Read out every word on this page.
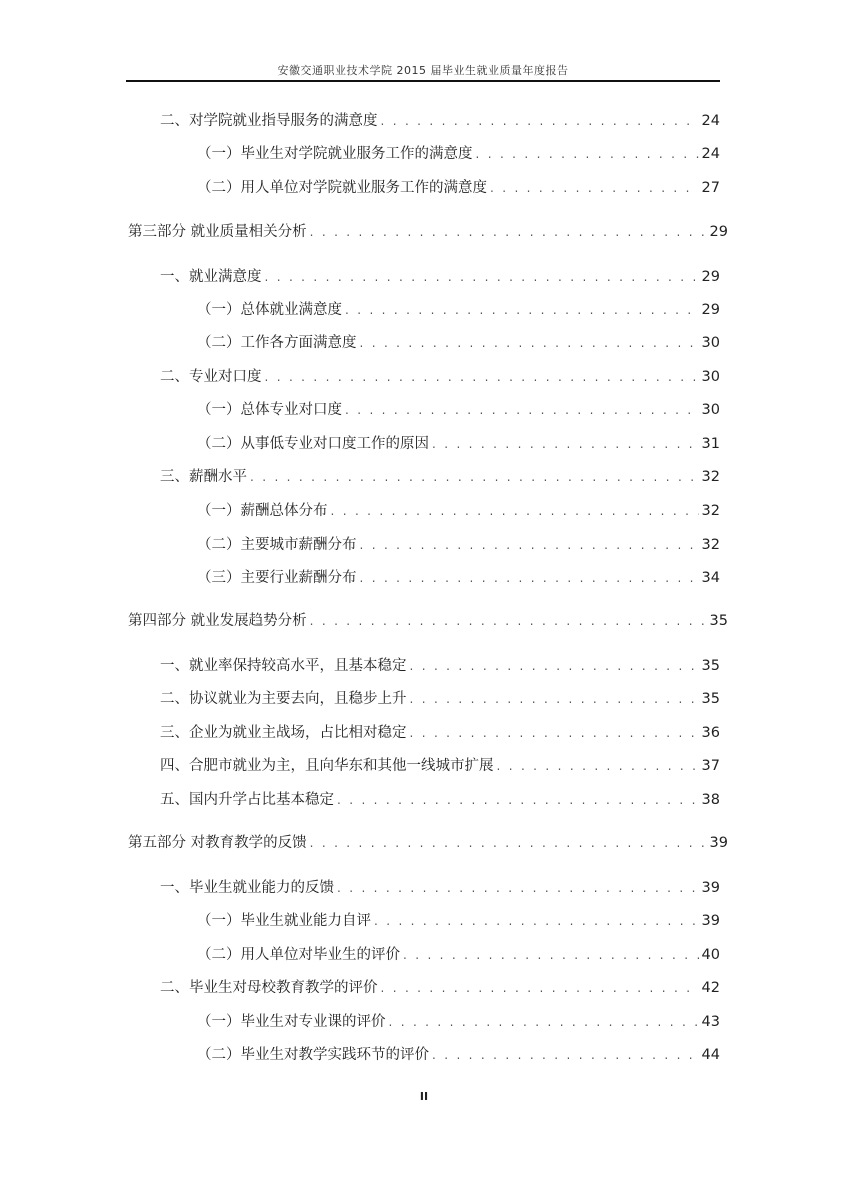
安徽交通职业技术学院 2015 届毕业生就业质量年度报告
二、对学院就业指导服务的满意度 . . .	24
（一）毕业生对学院就业服务工作的满意度 . . .	24
（二）用人单位对学院就业服务工作的满意度 . . .	27
第三部分 就业质量相关分析 . . .	29
一、就业满意度 . . .	29
（一）总体就业满意度 . . .	29
（二）工作各方面满意度 . . .	30
二、专业对口度 . . .	30
（一）总体专业对口度 . . .	30
（二）从事低专业对口度工作的原因 . . .	31
三、薪酬水平 . . .	32
（一）薪酬总体分布 . . .	32
（二）主要城市薪酬分布 . . .	32
（三）主要行业薪酬分布 . . .	34
第四部分 就业发展趋势分析 . . .	35
一、就业率保持较高水平，且基本稳定 . . .	35
二、协议就业为主要去向，且稳步上升 . . .	35
三、企业为就业主战场，占比相对稳定 . . .	36
四、合肥市就业为主，且向华东和其他一线城市扩展 . . .	37
五、国内升学占比基本稳定 . . .	38
第五部分 对教育教学的反馈 . . .	39
一、毕业生就业能力的反馈 . . .	39
（一）毕业生就业能力自评 . . .	39
（二）用人单位对毕业生的评价 . . .	40
二、毕业生对母校教育教学的评价 . . .	42
（一）毕业生对专业课的评价 . . .	43
（二）毕业生对教学实践环节的评价 . . .	44
II
